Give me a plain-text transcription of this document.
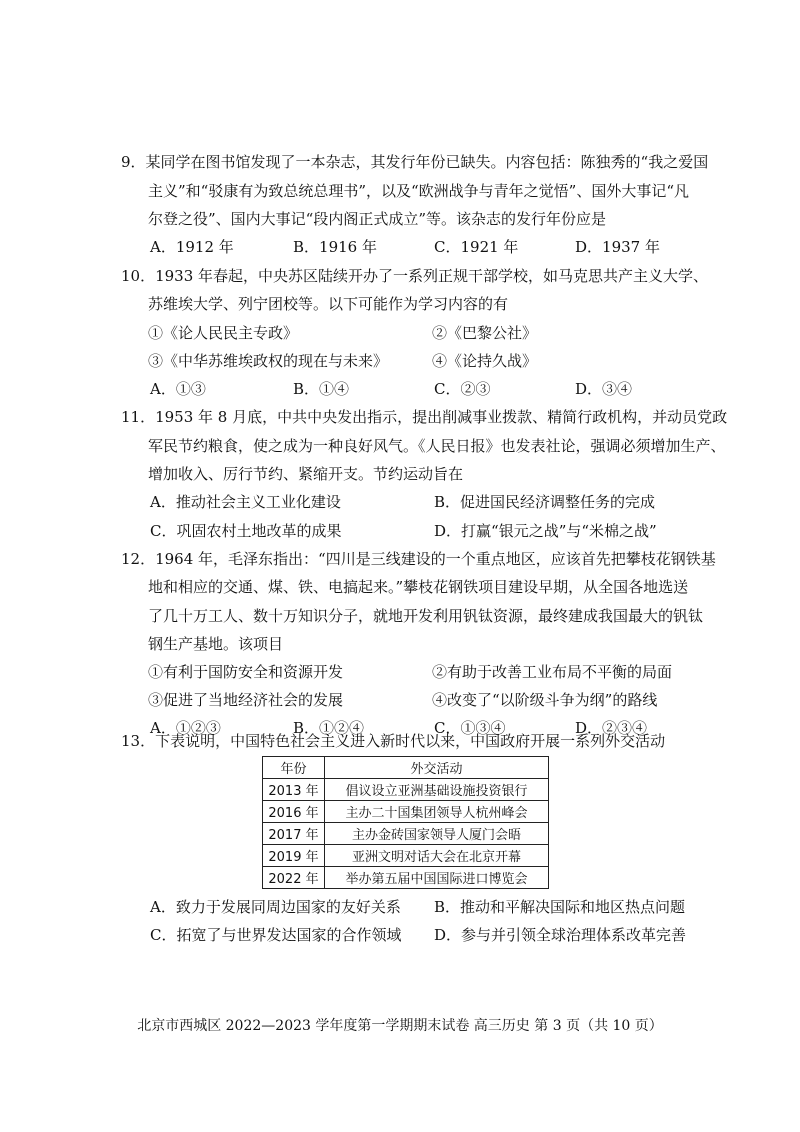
9．某同学在图书馆发现了一本杂志，其发行年份已缺失。内容包括：陈独秀的“我之爱国
主义”和“驳康有为致总统总理书”，以及“欧洲战争与青年之觉悟”、国外大事记“凡
尔登之役”、国内大事记“段内阁正式成立”等。该杂志的发行年份应是
A．1912 年	B．1916 年	C．1921 年	D．1937 年
10．1933 年春起，中央苏区陆续开办了一系列正规干部学校，如马克思共产主义大学、
苏维埃大学、列宁团校等。以下可能作为学习内容的有
①《论人民民主专政》	②《巴黎公社》
③《中华苏维埃政权的现在与未来》	④《论持久战》
A．①③	B．①④	C．②③	D．③④
11．1953 年 8 月底，中共中央发出指示，提出削减事业拨款、精简行政机构，并动员党政
军民节约粮食，使之成为一种良好风气。《人民日报》也发表社论，强调必须增加生产、
增加收入、厉行节约、紧缩开支。节约运动旨在
A．推动社会主义工业化建设	B．促进国民经济调整任务的完成
C．巩固农村土地改革的成果	D．打赢“银元之战”与“米棉之战”
12．1964 年，毛泽东指出：“四川是三线建设的一个重点地区，应该首先把攀枝花钢铁基
地和相应的交通、煤、铁、电搞起来。”攀枝花钢铁项目建设早期，从全国各地选送
了几十万工人、数十万知识分子，就地开发利用钒钛资源，最终建成我国最大的钒钛
钢生产基地。该项目
①有利于国防安全和资源开发	②有助于改善工业布局不平衡的局面
③促进了当地经济社会的发展	④改变了“以阶级斗争为纲”的路线
A．①②③	B．①②④	C．①③④	D．②③④
13．下表说明，中国特色社会主义进入新时代以来，中国政府开展一系列外交活动
年份	外交活动
2013 年	倡议设立亚洲基础设施投资银行
2016 年	主办二十国集团领导人杭州峰会
2017 年	主办金砖国家领导人厦门会晤
2019 年	亚洲文明对话大会在北京开幕
2022 年	举办第五届中国国际进口博览会
A．致力于发展同周边国家的友好关系 B．推动和平解决国际和地区热点问题
C．拓宽了与世界发达国家的合作领域 D．参与并引领全球治理体系改革完善
北京市西城区 2022—2023 学年度第一学期期末试卷 高三历史 第 3 页（共 10 页）
